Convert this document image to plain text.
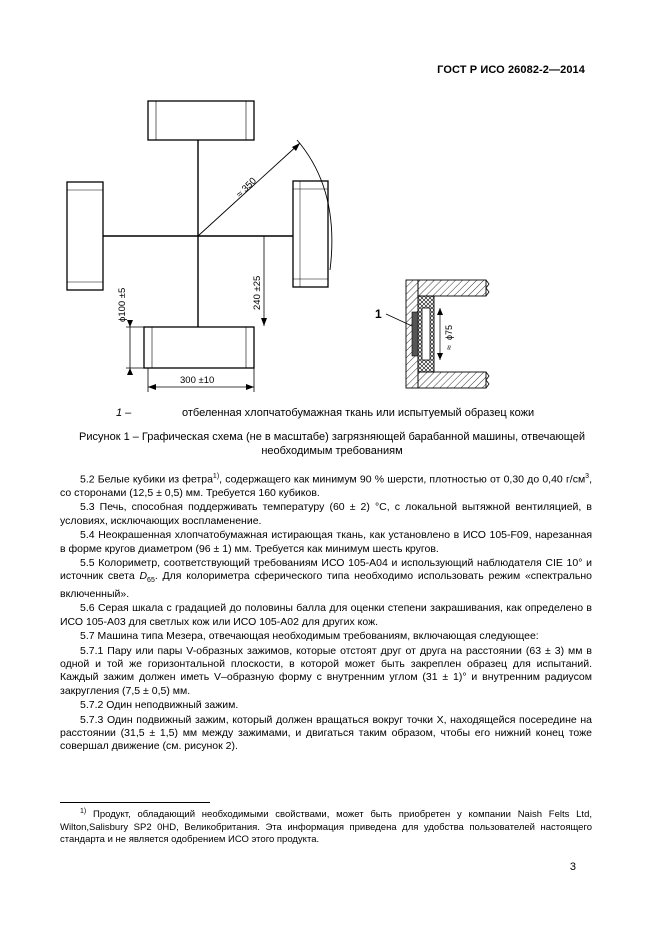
ГОСТ Р ИСО 26082-2—2014
≈ 350
240 ±25
ϕ100 ±5
300 ±10
ϕ75
≈
1
1 –	отбеленная хлопчатобумажная ткань или испытуемый образец кожи
Рисунок 1 – Графическая схема (не в масштабе) загрязняющей барабанной машины, отвечающей
необходимым требованиям

5.2 Белые кубики из фетра$^{1)}$, содержащего как минимум 90 % шерсти, плотностью от 0,30 до 0,40 $г/см^3$, со сторонами (12,5 ± 0,5) мм. Требуется 160 кубиков.

5.3 Печь, способная поддерживать температуру (60 ± 2) °C, с локальной вытяжной вентиляцией, в условиях, исключающих воспламенение.

5.4 Неокрашенная хлопчатобумажная истирающая ткань, как установлено в ИСО 105-F09, нарезанная в форме кругов диаметром (96 ± 1) мм. Требуется как минимум шесть кругов.

5.5 Колориметр, соответствующий требованиям ИСО 105-А04 и использующий наблюдателя CIE 10° и источник света $D_{65}$. Для колориметра сферического типа необходимо использовать режим «спектрально включенный».

5.6 Серая шкала с градацией до половины балла для оценки степени закрашивания, как определено в ИСО 105-А03 для светлых кож или ИСО 105-А02 для других кож.

5.7 Машина типа Мезера, отвечающая необходимым требованиям, включающая следующее:

5.7.1 Пару или пары V-образных зажимов, которые отстоят друг от друга на расстоянии (63 ± 3) мм в одной и той же горизонтальной плоскости, в которой может быть закреплен образец для испытаний. Каждый зажим должен иметь V–образную форму с внутренним углом (31 ± 1)° и внутренним радиусом закругления (7,5 ± 0,5) мм.

5.7.2 Один неподвижный зажим.

5.7.3 Один подвижный зажим, который должен вращаться вокруг точки X, находящейся посередине на расстоянии (31,5 ± 1,5) мм между зажимами, и двигаться таким образом, чтобы его нижний конец тоже совершал движение (см. рисунок 2).

$^{1)}$ Продукт, обладающий необходимыми свойствами, может быть приобретен у компании Naish Felts Ltd, Wilton,Salisbury SP2 0HD, Великобритания. Эта информация приведена для удобства пользователей настоящего стандарта и не является одобрением ИСО этого продукта.
3
